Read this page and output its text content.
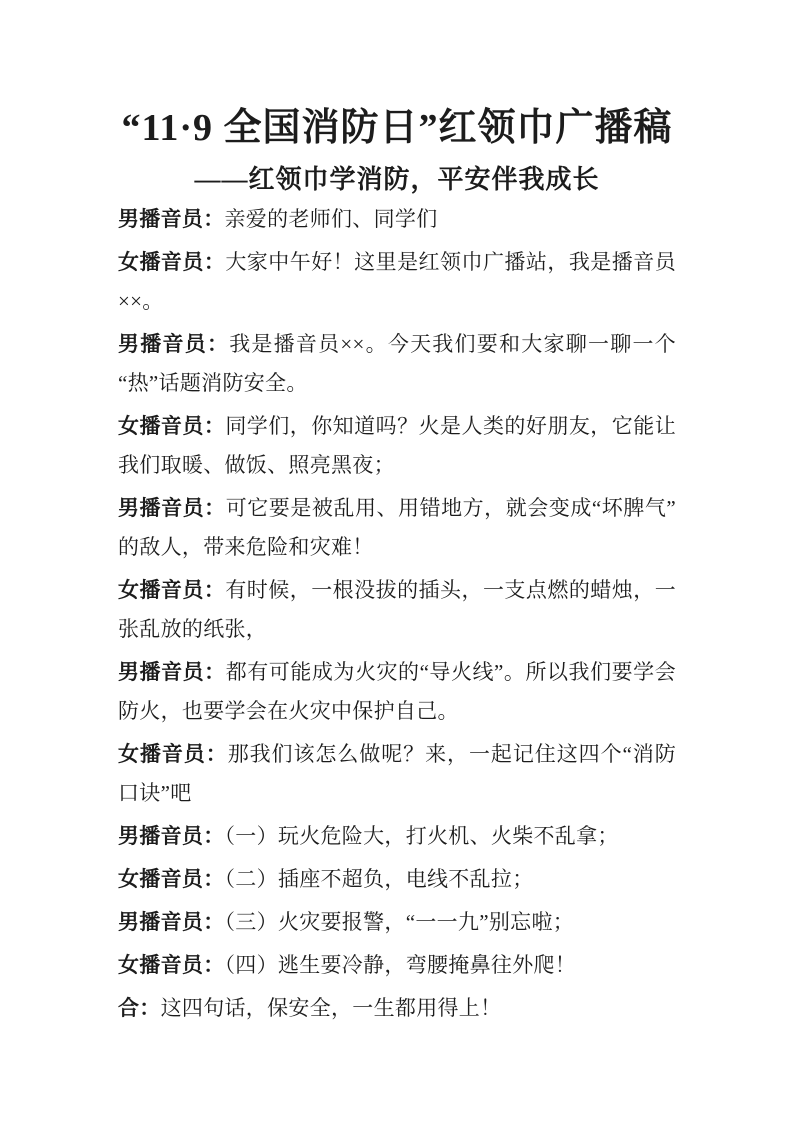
“11·9 全国消防日”红领巾广播稿
——红领巾学消防，平安伴我成长

男播音员：亲爱的老师们、同学们

女播音员：大家中午好！这里是红领巾广播站，我是播音员××。

男播音员：我是播音员××。今天我们要和大家聊一聊一个“热”话题消防安全。

女播音员：同学们，你知道吗？火是人类的好朋友，它能让我们取暖、做饭、照亮黑夜；

男播音员：可它要是被乱用、用错地方，就会变成“坏脾气”的敌人，带来危险和灾难！

女播音员：有时候，一根没拔的插头，一支点燃的蜡烛，一张乱放的纸张，

男播音员：都有可能成为火灾的“导火线”。所以我们要学会防火，也要学会在火灾中保护自己。

女播音员：那我们该怎么做呢？来，一起记住这四个“消防口诀”吧

男播音员：（一）玩火危险大，打火机、火柴不乱拿；

女播音员：（二）插座不超负，电线不乱拉；

男播音员：（三）火灾要报警，“一一九”别忘啦；

女播音员：（四）逃生要冷静，弯腰掩鼻往外爬！

合：这四句话，保安全，一生都用得上！
